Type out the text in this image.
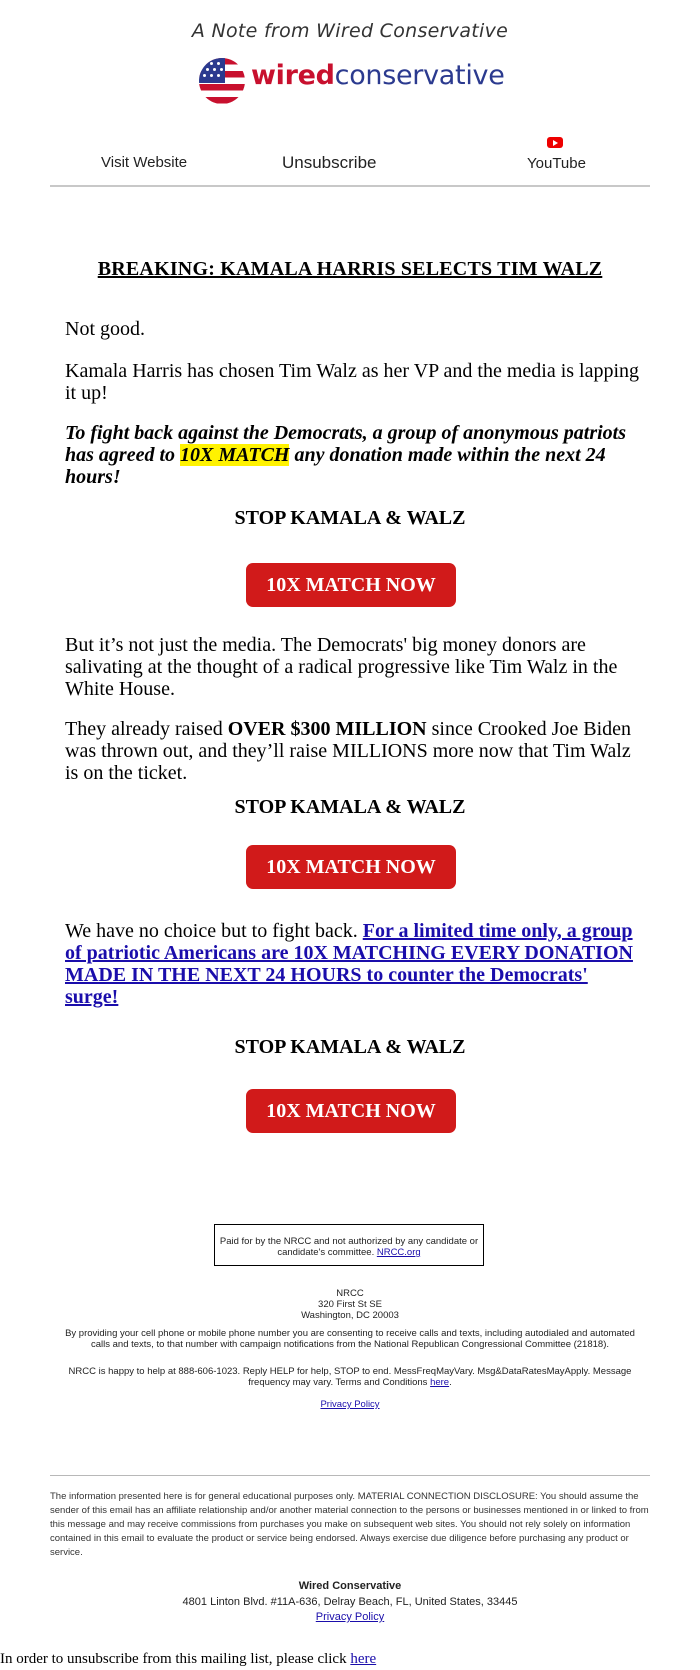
A Note from Wired Conservative
wiredconservative
Visit Website	Unsubscribe	YouTube
BREAKING: KAMALA HARRIS SELECTS TIM WALZ
Not good.
Kamala Harris has chosen Tim Walz as her VP and the media is lapping it up!
To fight back against the Democrats, a group of anonymous patriots has agreed to 10X MATCH any donation made within the next 24 hours!
STOP KAMALA & WALZ
10X MATCH NOW
But it’s not just the media. The Democrats' big money donors are salivating at the thought of a radical progressive like Tim Walz in the White House.
They already raised OVER $300 MILLION since Crooked Joe Biden was thrown out, and they’ll raise MILLIONS more now that Tim Walz is on the ticket.
STOP KAMALA & WALZ
10X MATCH NOW
We have no choice but to fight back. For a limited time only, a group of patriotic Americans are 10X MATCHING EVERY DONATION MADE IN THE NEXT 24 HOURS to counter the Democrats' surge!
STOP KAMALA & WALZ
10X MATCH NOW
Paid for by the NRCC and not authorized by any candidate or candidate's committee. NRCC.org
NRCC
320 First St SE
Washington, DC 20003
By providing your cell phone or mobile phone number you are consenting to receive calls and texts, including autodialed and automated calls and texts, to that number with campaign notifications from the National Republican Congressional Committee (21818).
NRCC is happy to help at 888-606-1023. Reply HELP for help, STOP to end. MessFreqMayVary. Msg&DataRatesMayApply. Message frequency may vary. Terms and Conditions here.
Privacy Policy
The information presented here is for general educational purposes only. MATERIAL CONNECTION DISCLOSURE: You should assume the sender of this email has an affiliate relationship and/or another material connection to the persons or businesses mentioned in or linked to from this message and may receive commissions from purchases you make on subsequent web sites. You should not rely solely on information contained in this email to evaluate the product or service being endorsed. Always exercise due diligence before purchasing any product or service.
Wired Conservative
4801 Linton Blvd. #11A-636, Delray Beach, FL, United States, 33445
Privacy Policy
In order to unsubscribe from this mailing list, please click here
